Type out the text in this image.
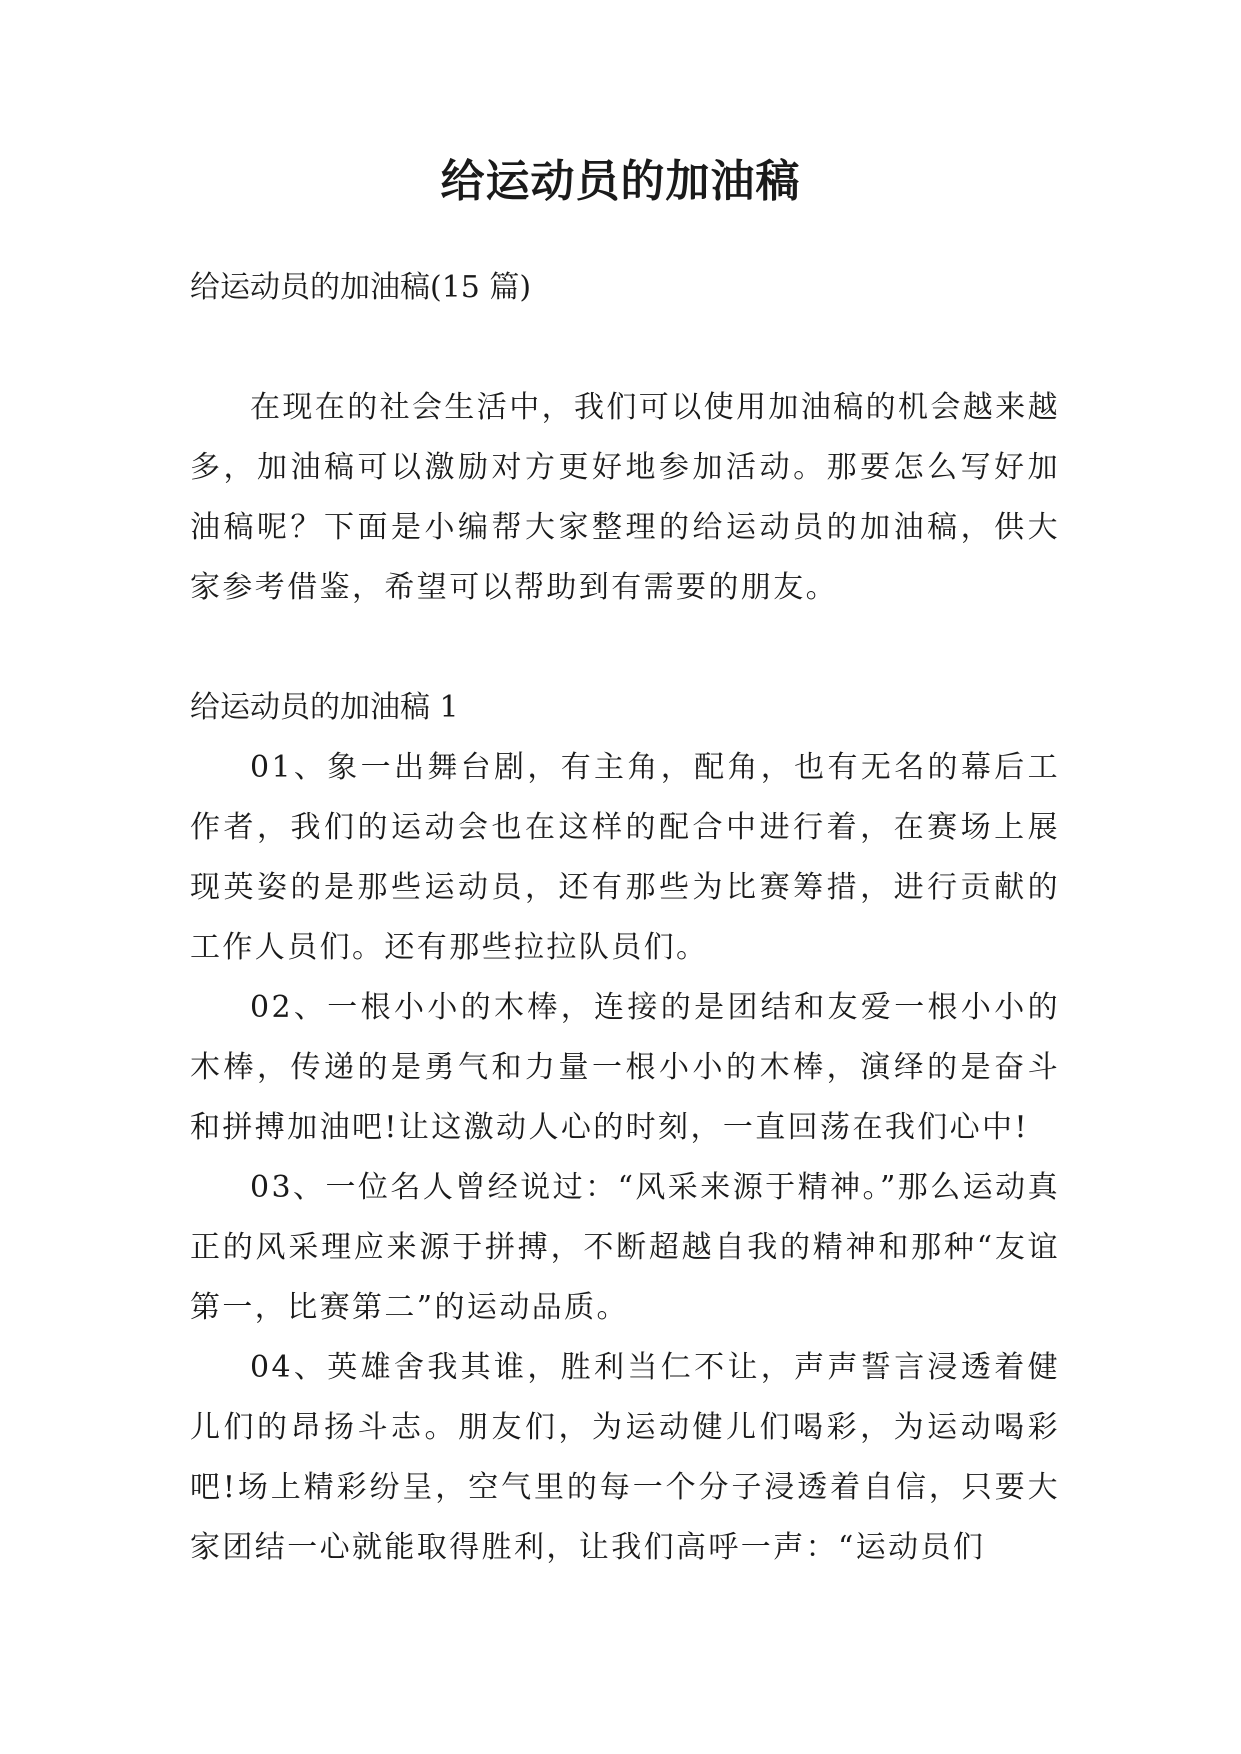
给运动员的加油稿

给运动员的加油稿(15 篇)

在现在的社会生活中，我们可以使用加油稿的机会越来越多，加油稿可以激励对方更好地参加活动。那要怎么写好加油稿呢？下面是小编帮大家整理的给运动员的加油稿，供大家参考借鉴，希望可以帮助到有需要的朋友。

给运动员的加油稿 1

01、象一出舞台剧，有主角，配角，也有无名的幕后工作者，我们的运动会也在这样的配合中进行着，在赛场上展现英姿的是那些运动员，还有那些为比赛筹措，进行贡献的工作人员们。还有那些拉拉队员们。

02、一根小小的木棒，连接的是团结和友爱一根小小的木棒，传递的是勇气和力量一根小小的木棒，演绎的是奋斗和拼搏加油吧!让这激动人心的时刻，一直回荡在我们心中!

03、一位名人曾经说过：“风采来源于精神。”那么运动真正的风采理应来源于拼搏，不断超越自我的精神和那种“友谊第一，比赛第二”的运动品质。

04、英雄舍我其谁，胜利当仁不让，声声誓言浸透着健儿们的昂扬斗志。朋友们，为运动健儿们喝彩，为运动喝彩吧!场上精彩纷呈，空气里的每一个分子浸透着自信，只要大家团结一心就能取得胜利，让我们高呼一声：“运动员们
